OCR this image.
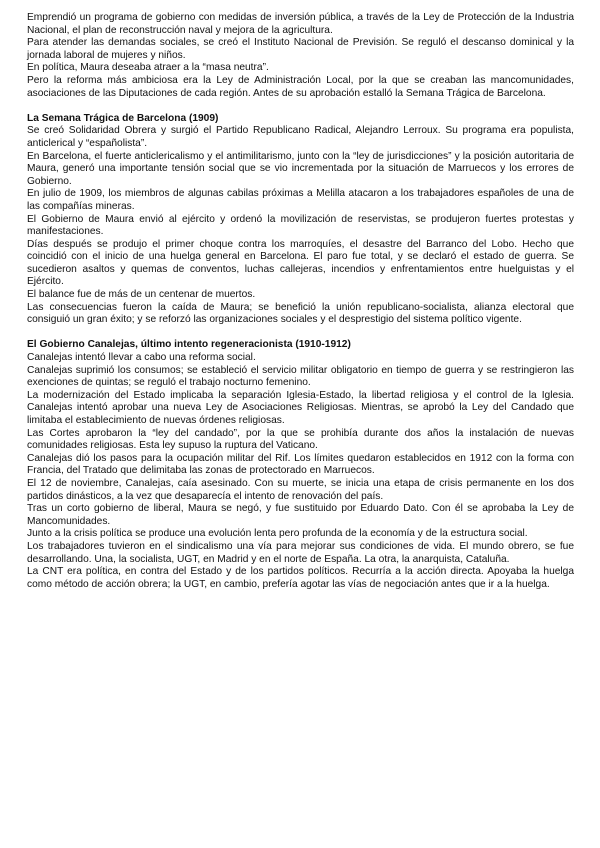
Emprendió un programa de gobierno con medidas de inversión pública, a través de la Ley de Protección de la Industria Nacional, el plan de reconstrucción naval y mejora de la agricultura.

Para atender las demandas sociales, se creó el Instituto Nacional de Previsión. Se reguló el descanso dominical y la jornada laboral de mujeres y niños.

En política, Maura deseaba atraer a la “masa neutra”.

Pero la reforma más ambiciosa era la Ley de Administración Local, por la que se creaban las mancomunidades, asociaciones de las Diputaciones de cada región. Antes de su aprobación estalló la Semana Trágica de Barcelona.

La Semana Trágica de Barcelona (1909)

Se creó Solidaridad Obrera y surgió el Partido Republicano Radical, Alejandro Lerroux. Su programa era populista, anticlerical y “españolista”.

En Barcelona, el fuerte anticlericalismo y el antimilitarismo, junto con la “ley de jurisdicciones” y la posición autoritaria de Maura, generó una importante tensión social que se vio incrementada por la situación de Marruecos y los errores de Gobierno.

En julio de 1909, los miembros de algunas cabilas próximas a Melilla atacaron a los trabajadores españoles de una de las compañías mineras.

El Gobierno de Maura envió al ejército y ordenó la movilización de reservistas, se produjeron fuertes protestas y manifestaciones.

Días después se produjo el primer choque contra los marroquíes, el desastre del Barranco del Lobo. Hecho que coincidió con el inicio de una huelga general en Barcelona. El paro fue total, y se declaró el estado de guerra. Se sucedieron asaltos y quemas de conventos, luchas callejeras, incendios y enfrentamientos entre huelguistas y el Ejército.

El balance fue de más de un centenar de muertos.

Las consecuencias fueron la caída de Maura; se benefició la unión republicano-socialista, alianza electoral que consiguió un gran éxito; y se reforzó las organizaciones sociales y el desprestigio del sistema político vigente.

El Gobierno Canalejas, último intento regeneracionista (1910-1912)

Canalejas intentó llevar a cabo una reforma social.

Canalejas suprimió los consumos; se estableció el servicio militar obligatorio en tiempo de guerra y se restringieron las exenciones de quintas; se reguló el trabajo nocturno femenino.

La modernización del Estado implicaba la separación Iglesia-Estado, la libertad religiosa y el control de la Iglesia. Canalejas intentó aprobar una nueva Ley de Asociaciones Religiosas. Mientras, se aprobó la Ley del Candado que limitaba el establecimiento de nuevas órdenes religiosas.

Las Cortes aprobaron la “ley del candado”, por la que se prohibía durante dos años la instalación de nuevas comunidades religiosas. Esta ley supuso la ruptura del Vaticano.

Canalejas dió los pasos para la ocupación militar del Rif. Los límites quedaron establecidos en 1912 con la forma con Francia, del Tratado que delimitaba las zonas de protectorado en Marruecos.

El 12 de noviembre, Canalejas, caía asesinado. Con su muerte, se inicia una etapa de crisis permanente en los dos partidos dinásticos, a la vez que desaparecía el intento de renovación del país.

Tras un corto gobierno de liberal, Maura se negó, y fue sustituido por Eduardo Dato. Con él se aprobaba la Ley de Mancomunidades.

Junto a la crisis política se produce una evolución lenta pero profunda de la economía y de la estructura social.

Los trabajadores tuvieron en el sindicalismo una vía para mejorar sus condiciones de vida. El mundo obrero, se fue desarrollando. Una, la socialista, UGT, en Madrid y en el norte de España. La otra, la anarquista, Cataluña.

La CNT era política, en contra del Estado y de los partidos políticos. Recurría a la acción directa. Apoyaba la huelga como método de acción obrera; la UGT, en cambio, prefería agotar las vías de negociación antes que ir a la huelga.
